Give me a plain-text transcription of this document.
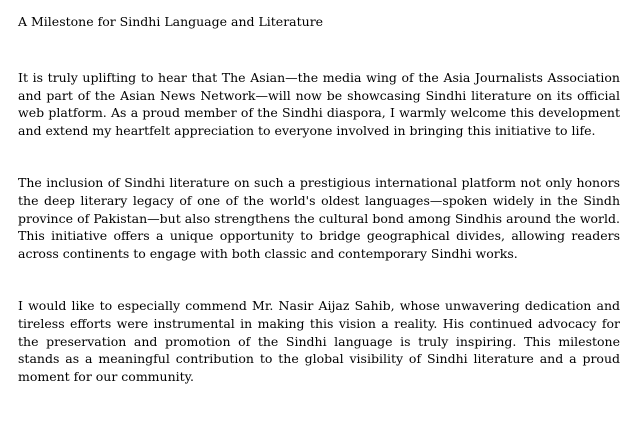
A Milestone for Sindhi Language and Literature

It is truly uplifting to hear that The Asian—the media wing of the Asia Journalists Association and part of the Asian News Network—will now be showcasing Sindhi literature on its official web platform. As a proud member of the Sindhi diaspora, I warmly welcome this development and extend my heartfelt appreciation to everyone involved in bringing this initiative to life.

The inclusion of Sindhi literature on such a prestigious international platform not only honors the deep literary legacy of one of the world's oldest languages—spoken widely in the Sindh province of Pakistan—but also strengthens the cultural bond among Sindhis around the world. This initiative offers a unique opportunity to bridge geographical divides, allowing readers across continents to engage with both classic and contemporary Sindhi works.

I would like to especially commend Mr. Nasir Aijaz Sahib, whose unwavering dedication and tireless efforts were instrumental in making this vision a reality. His continued advocacy for the preservation and promotion of the Sindhi language is truly inspiring. This milestone stands as a meaningful contribution to the global visibility of Sindhi literature and a proud moment for our community.
